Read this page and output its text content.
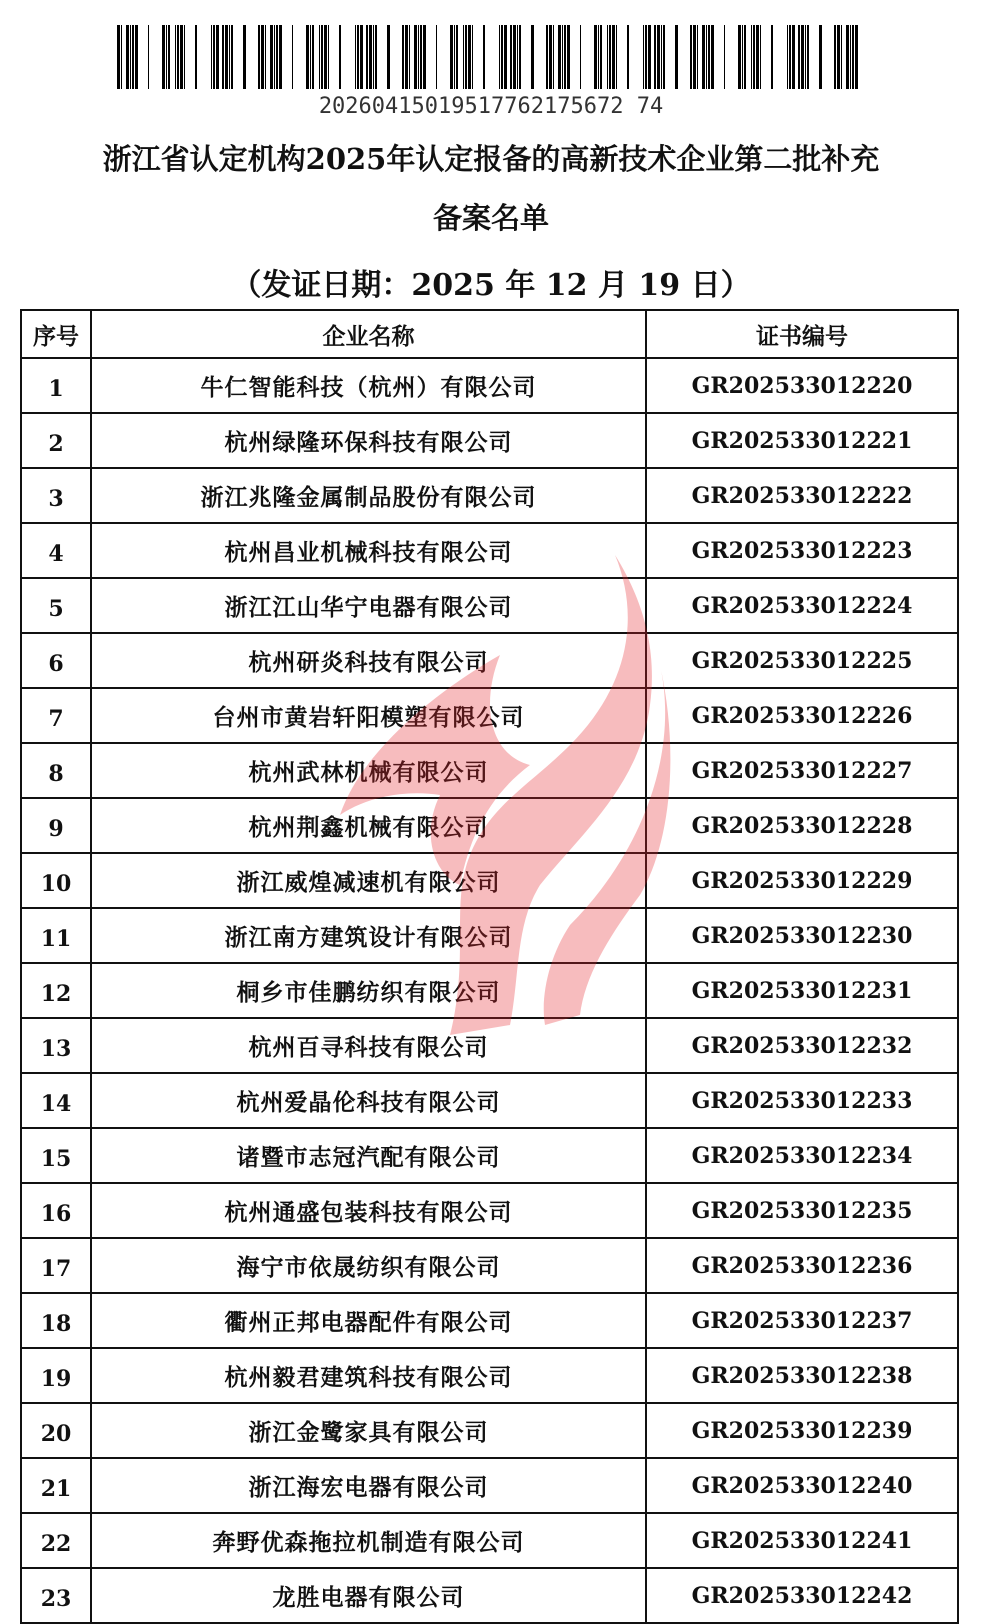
20260415019517762175672 74
浙江省认定机构2025年认定报备的高新技术企业第二批补充
备案名单
（发证日期：2025 年 12 月 19 日）
序号	企业名称	证书编号
1	牛仁智能科技（杭州）有限公司	GR202533012220
2	杭州绿隆环保科技有限公司	GR202533012221
3	浙江兆隆金属制品股份有限公司	GR202533012222
4	杭州昌业机械科技有限公司	GR202533012223
5	浙江江山华宁电器有限公司	GR202533012224
6	杭州研炎科技有限公司	GR202533012225
7	台州市黄岩轩阳模塑有限公司	GR202533012226
8	杭州武林机械有限公司	GR202533012227
9	杭州荆鑫机械有限公司	GR202533012228
10	浙江威煌减速机有限公司	GR202533012229
11	浙江南方建筑设计有限公司	GR202533012230
12	桐乡市佳鹏纺织有限公司	GR202533012231
13	杭州百寻科技有限公司	GR202533012232
14	杭州爱晶伦科技有限公司	GR202533012233
15	诸暨市志冠汽配有限公司	GR202533012234
16	杭州通盛包装科技有限公司	GR202533012235
17	海宁市依晟纺织有限公司	GR202533012236
18	衢州正邦电器配件有限公司	GR202533012237
19	杭州毅君建筑科技有限公司	GR202533012238
20	浙江金鹭家具有限公司	GR202533012239
21	浙江海宏电器有限公司	GR202533012240
22	奔野优森拖拉机制造有限公司	GR202533012241
23	龙胜电器有限公司	GR202533012242
